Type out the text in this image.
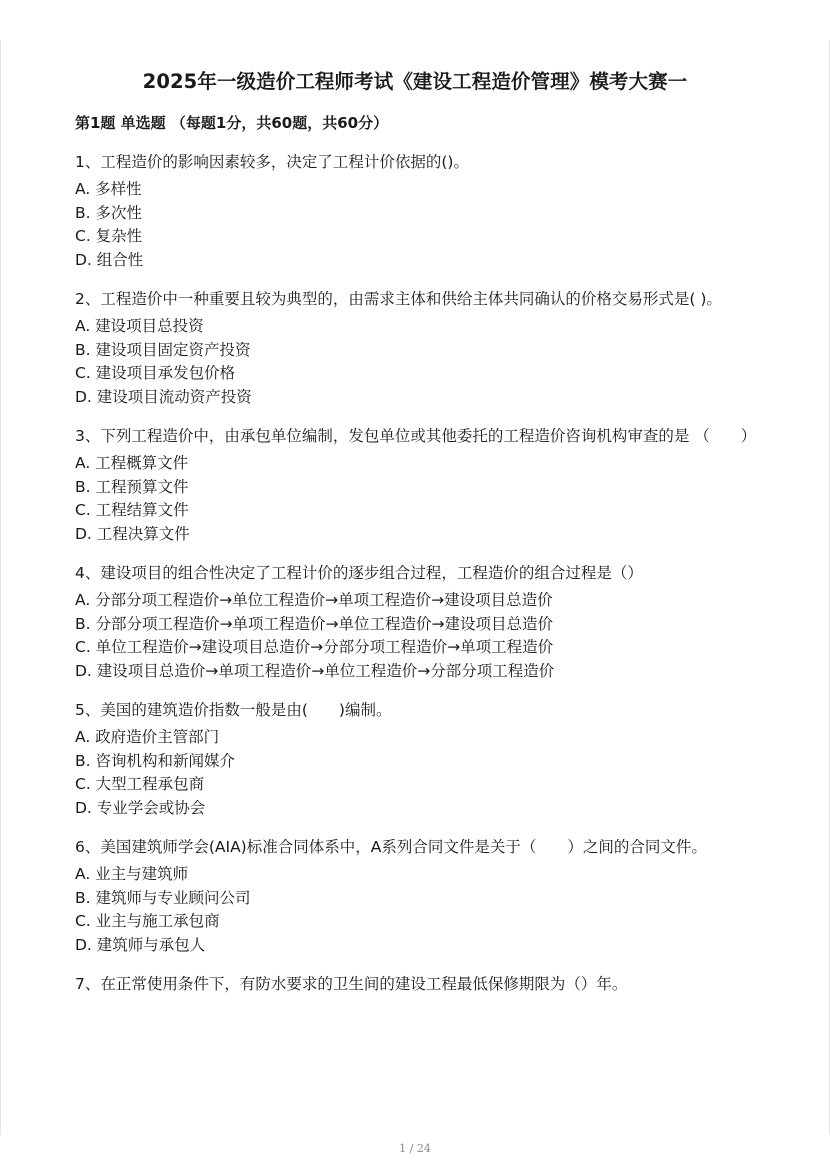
2025年一级造价工程师考试《建设工程造价管理》模考大赛一
第1题 单选题 （每题1分，共60题，共60分）
1、工程造价的影响因素较多，决定了工程计价依据的()。
A. 多样性
B. 多次性
C. 复杂性
D. 组合性
2、工程造价中一种重要且较为典型的，由需求主体和供给主体共同确认的价格交易形式是( )。
A. 建设项目总投资
B. 建设项目固定资产投资
C. 建设项目承发包价格
D. 建设项目流动资产投资
3、下列工程造价中，由承包单位编制，发包单位或其他委托的工程造价咨询机构审查的是 （　　）
A. 工程概算文件
B. 工程预算文件
C. 工程结算文件
D. 工程决算文件
4、建设项目的组合性决定了工程计价的逐步组合过程，工程造价的组合过程是（）
A. 分部分项工程造价→单位工程造价→单项工程造价→建设项目总造价
B. 分部分项工程造价→单项工程造价→单位工程造价→建设项目总造价
C. 单位工程造价→建设项目总造价→分部分项工程造价→单项工程造价
D. 建设项目总造价→单项工程造价→单位工程造价→分部分项工程造价
5、美国的建筑造价指数一般是由(　　)编制。
A. 政府造价主管部门
B. 咨询机构和新闻媒介
C. 大型工程承包商
D. 专业学会或协会
6、美国建筑师学会(AIA)标准合同体系中，A系列合同文件是关于（　　）之间的合同文件。
A. 业主与建筑师
B. 建筑师与专业顾问公司
C. 业主与施工承包商
D. 建筑师与承包人
7、在正常使用条件下，有防水要求的卫生间的建设工程最低保修期限为（）年。
1 / 24
